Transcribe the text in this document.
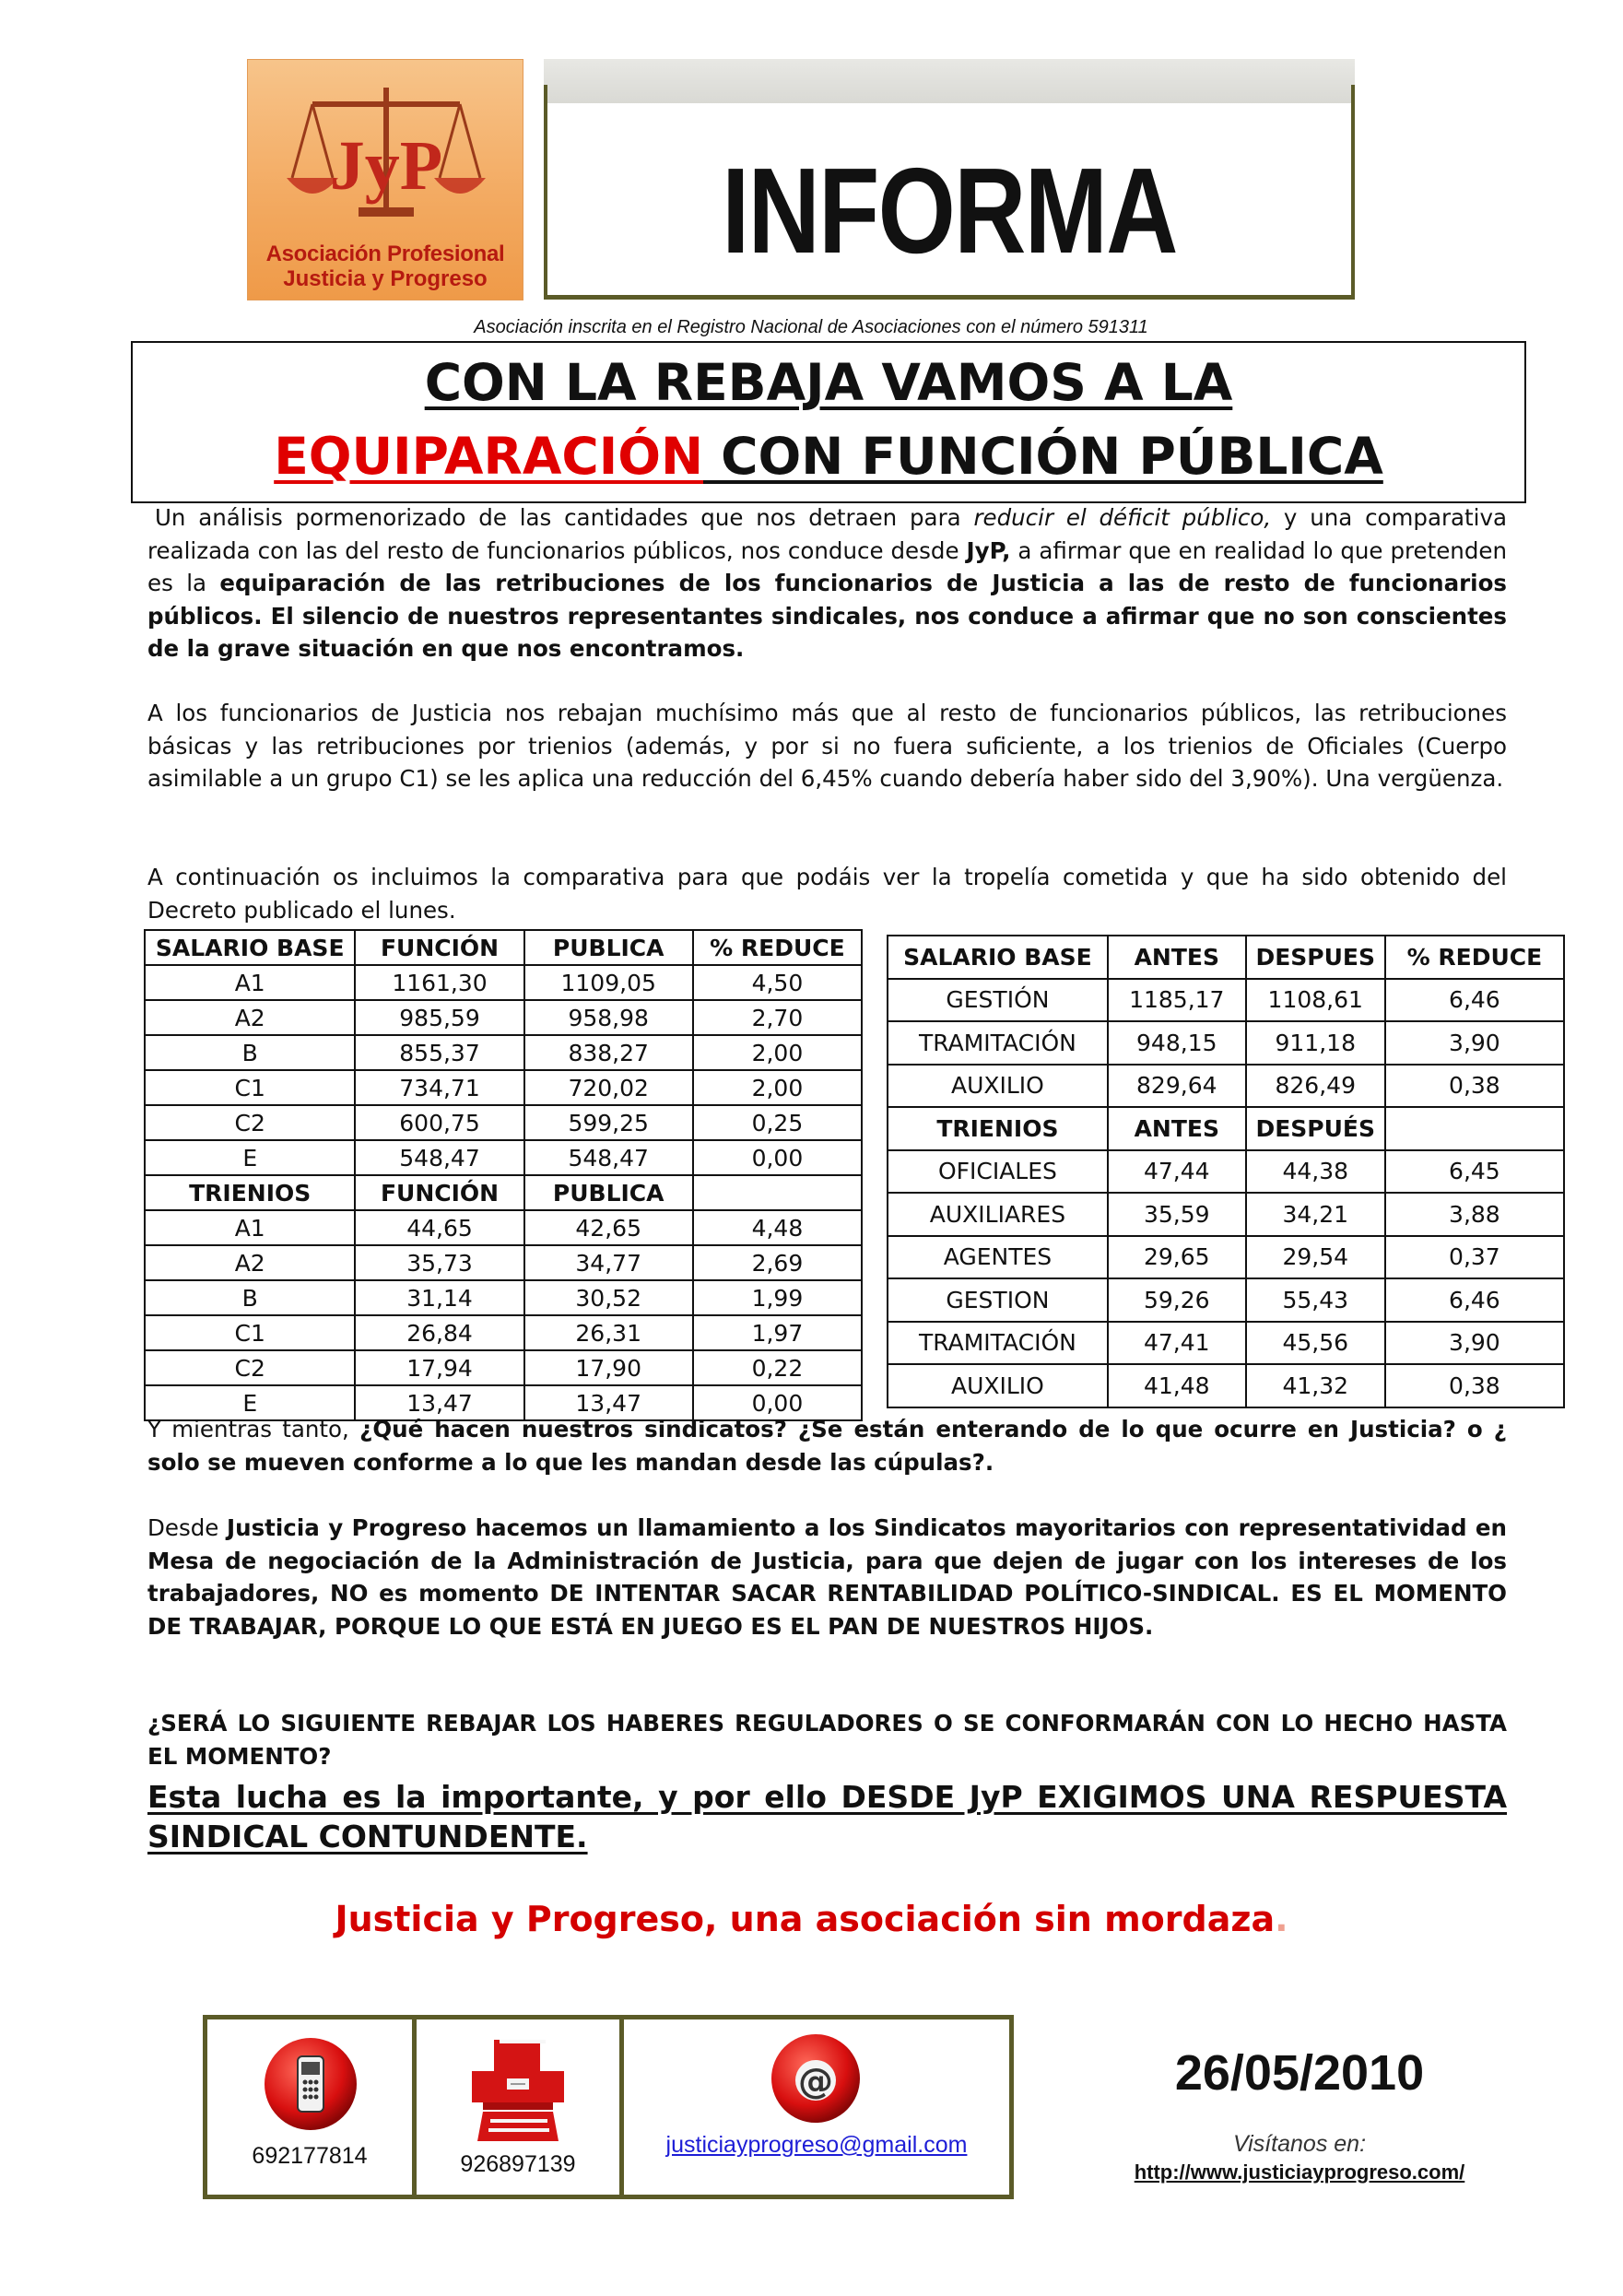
JyP
Asociación Profesional
Justicia y Progreso
INFORMA
Asociación inscrita en el Registro Nacional de Asociaciones con el número 591311
CON LA REBAJA VAMOS A LA
EQUIPARACIÓN CON FUNCIÓN PÚBLICA
Un análisis pormenorizado de las cantidades que nos detraen para reducir el déficit público, y una comparativa realizada con las del resto de funcionarios públicos, nos conduce desde JyP, a afirmar que en realidad lo que pretenden es la equiparación de las retribuciones de los funcionarios de Justicia a las de resto de funcionarios públicos. El silencio de nuestros representantes sindicales, nos conduce a afirmar que no son conscientes de la grave situación en que nos encontramos.
A los funcionarios de Justicia nos rebajan muchísimo más que al resto de funcionarios públicos, las retribuciones básicas y las retribuciones por trienios (además, y por si no fuera suficiente, a los trienios de Oficiales (Cuerpo asimilable a un grupo C1) se les aplica una reducción del 6,45% cuando debería haber sido del 3,90%). Una vergüenza.
A continuación os incluimos la comparativa para que podáis ver la tropelía cometida y que ha sido obtenido del Decreto publicado el lunes.
SALARIO BASE	FUNCIÓN	PUBLICA	% REDUCE
A1	1161,30	1109,05	4,50
A2	985,59	958,98	2,70
B	855,37	838,27	2,00
C1	734,71	720,02	2,00
C2	600,75	599,25	0,25
E	548,47	548,47	0,00
TRIENIOS	FUNCIÓN	PUBLICA	
A1	44,65	42,65	4,48
A2	35,73	34,77	2,69
B	31,14	30,52	1,99
C1	26,84	26,31	1,97
C2	17,94	17,90	0,22
E	13,47	13,47	0,00
SALARIO BASE	ANTES	DESPUES	% REDUCE
GESTIÓN	1185,17	1108,61	6,46
TRAMITACIÓN	948,15	911,18	3,90
AUXILIO	829,64	826,49	0,38
TRIENIOS	ANTES	DESPUÉS	
OFICIALES	47,44	44,38	6,45
AUXILIARES	35,59	34,21	3,88
AGENTES	29,65	29,54	0,37
GESTION	59,26	55,43	6,46
TRAMITACIÓN	47,41	45,56	3,90
AUXILIO	41,48	41,32	0,38
Y mientras tanto, ¿Qué hacen nuestros sindicatos? ¿Se están enterando de lo que ocurre en Justicia? o ¿ solo se mueven conforme a lo que les mandan desde las cúpulas?.
Desde Justicia y Progreso hacemos un llamamiento a los Sindicatos mayoritarios con representatividad en Mesa de negociación de la Administración de Justicia, para que dejen de jugar con los intereses de los trabajadores, NO es momento DE INTENTAR SACAR RENTABILIDAD POLÍTICO-SINDICAL. ES EL MOMENTO DE TRABAJAR, PORQUE LO QUE ESTÁ EN JUEGO ES EL PAN DE NUESTROS HIJOS.
¿SERÁ LO SIGUIENTE REBAJAR LOS HABERES REGULADORES O SE CONFORMARÁN CON LO HECHO HASTA EL MOMENTO?
Esta lucha es la importante, y por ello DESDE JyP EXIGIMOS UNA RESPUESTA SINDICAL CONTUNDENTE.
Justicia y Progreso, una asociación sin mordaza.
692177814	926897139
@
justiciayprogreso@gmail.com
26/05/2010
Visítanos en:
http://www.justiciayprogreso.com/
